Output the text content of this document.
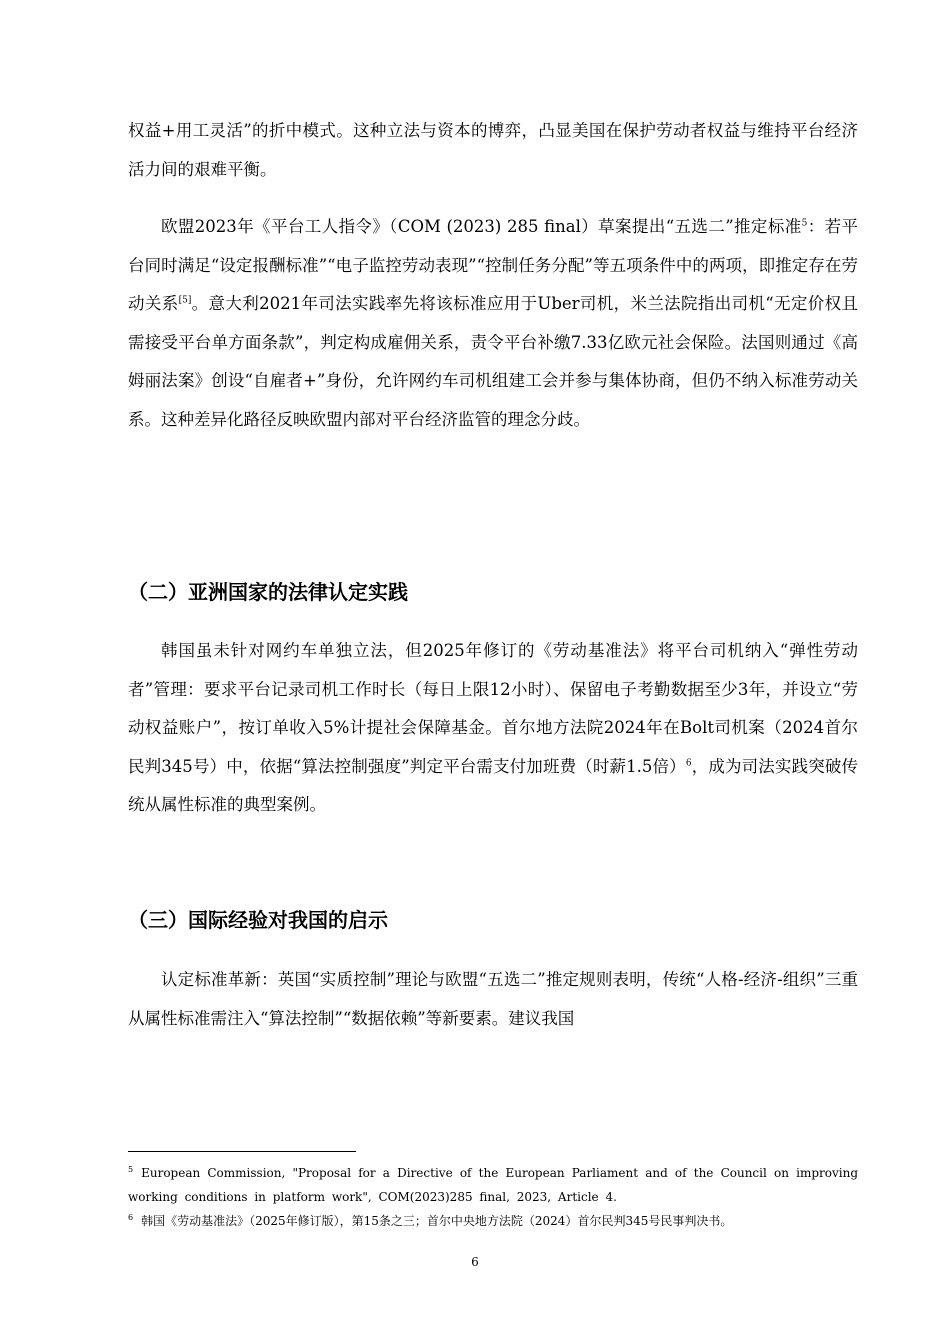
权益+用工灵活”的折中模式。这种立法与资本的博弈，凸显美国在保护劳动者权益与维持平台经济活力间的艰难平衡。

欧盟2023年《平台工人指令》（COM (2023) 285 final）草案提出“五选二”推定标准$^5$：若平台同时满足“设定报酬标准”“电子监控劳动表现”“控制任务分配”等五项条件中的两项，即推定存在劳动关系[5]。意大利2021年司法实践率先将该标准应用于Uber司机，米兰法院指出司机“无定价权且需接受平台单方面条款”，判定构成雇佣关系，责令平台补缴7.33亿欧元社会保险。法国则通过《高姆丽法案》创设“自雇者+”身份，允许网约车司机组建工会并参与集体协商，但仍不纳入标准劳动关系。这种差异化路径反映欧盟内部对平台经济监管的理念分歧。

（二）亚洲国家的法律认定实践

韩国虽未针对网约车单独立法，但2025年修订的《劳动基准法》将平台司机纳入“弹性劳动者”管理：要求平台记录司机工作时长（每日上限12小时）、保留电子考勤数据至少3年，并设立“劳动权益账户”，按订单收入5%计提社会保障基金。首尔地方法院2024年在Bolt司机案（2024首尔民判345号）中，依据“算法控制强度”判定平台需支付加班费（时薪1.5倍）$^6$，成为司法实践突破传统从属性标准的典型案例。

（三）国际经验对我国的启示

认定标准革新：英国“实质控制”理论与欧盟“五选二”推定规则表明，传统“人格-经济-组织”三重从属性标准需注入“算法控制”“数据依赖”等新要素。建议我国

$^5$ European Commission, "Proposal for a Directive of the European Parliament and of the Council on improving working conditions in platform work", COM(2023)285 final, 2023, Article 4.

$^6$ 韩国《劳动基准法》（2025年修订版），第15条之三；首尔中央地方法院（2024）首尔民判345号民事判决书。

6
